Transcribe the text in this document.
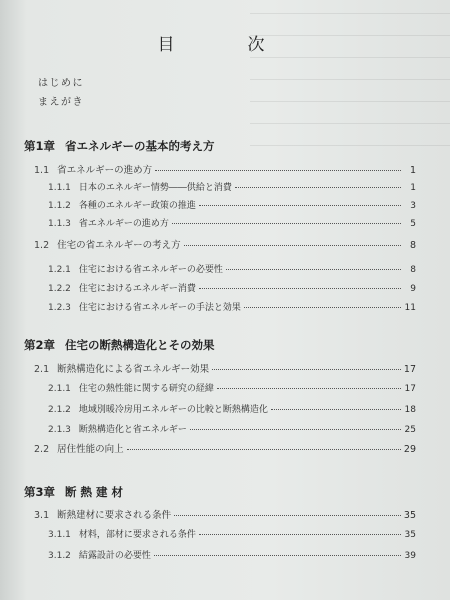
目　次
はじめに
まえがき
第1章 省エネルギーの基本的考え方
1.1 省エネルギーの進め方	1
1.1.1 日本のエネルギー情勢――供給と消費	1
1.1.2 各種のエネルギー政策の推進	3
1.1.3 省エネルギーの進め方	5
1.2 住宅の省エネルギーの考え方	8
1.2.1 住宅における省エネルギーの必要性	8
1.2.2 住宅におけるエネルギー消費	9
1.2.3 住宅における省エネルギーの手法と効果	11
第2章 住宅の断熱構造化とその効果
2.1 断熱構造化による省エネルギー効果	17
2.1.1 住宅の熱性能に関する研究の経緯	17
2.1.2 地域別暖冷房用エネルギーの比較と断熱構造化	18
2.1.3 断熱構造化と省エネルギー	25
2.2 居住性能の向上	29
第3章 断熱建材
3.1 断熱建材に要求される条件	35
3.1.1 材料，部材に要求される条件	35
3.1.2 結露設計の必要性	39
